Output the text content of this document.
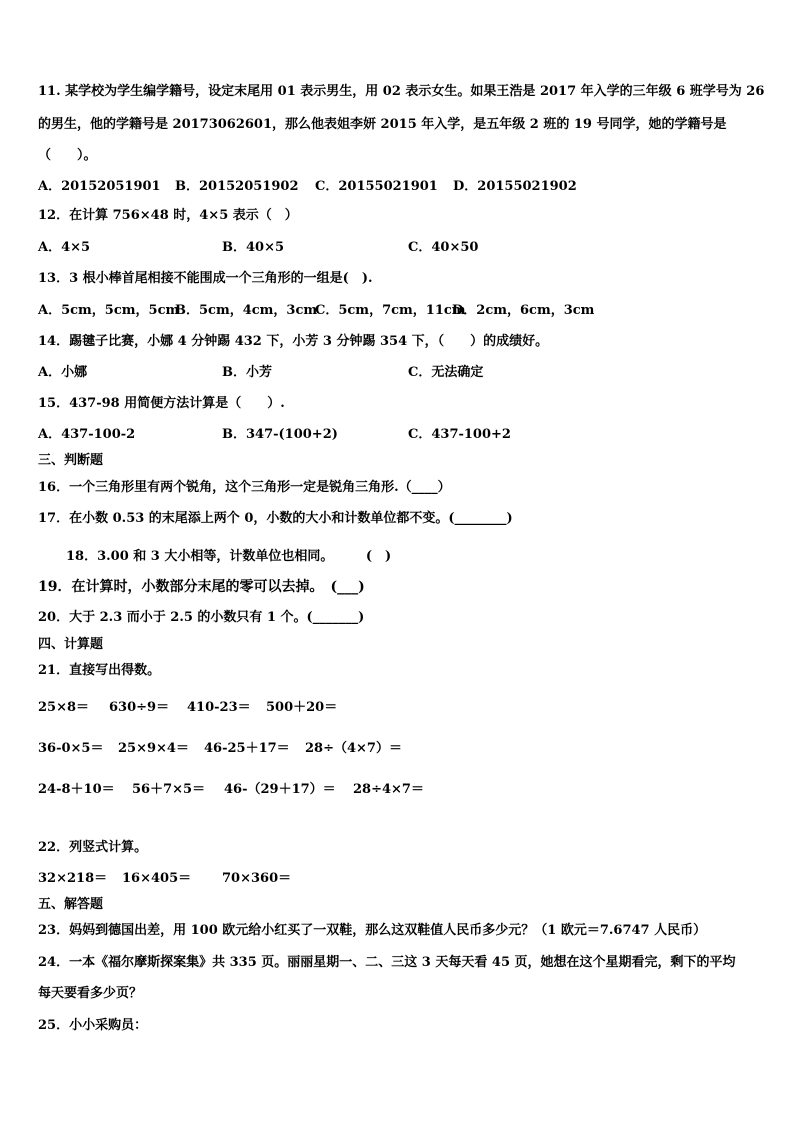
11. 某学校为学生编学籍号，设定末尾用 01 表示男生，用 02 表示女生。如果王浩是 2017 年入学的三年级 6 班学号为 26
的男生，他的学籍号是 20173062601，那么他表姐李妍 2015 年入学，是五年级 2 班的 19 号同学，她的学籍号是
（　　）。
A．20152051901 B．20152051902 C．20155021901 D．20155021902
12．在计算 756×48 时，4×5 表示（　）
A．4×5	B．40×5	C．40×50
13．3 根小棒首尾相接不能围成一个三角形的一组是(　).
A．5cm，5cm，5cmB．5cm，4cm，3cmC．5cm，7cm，11cmD．2cm，6cm，3cm
14．踢毽子比赛，小娜 4 分钟踢 432 下，小芳 3 分钟踢 354 下，（　　）的成绩好。
A．小娜	B．小芳	C．无法确定
15．437-98 用简便方法计算是（　　）.
A．437-100-2	B．347-(100+2)	C．437-100+2
三、判断题
16．一个三角形里有两个锐角，这个三角形一定是锐角三角形.（____）
17．在小数 0.53 的末尾添上两个 0，小数的大小和计数单位都不变。(________)
18．3.00 和 3 大小相等，计数单位也相同。　　　(　)
19．在计算时，小数部分末尾的零可以去掉。　(___)
20．大于 2.3 而小于 2.5 的小数只有 1 个。(_______)
四、计算题
21．直接写出得数。
25×8＝ 630÷9＝ 410-23＝ 500＋20＝
36-0×5＝ 25×9×4＝ 46-25＋17＝ 28÷（4×7）＝
24-8＋10＝ 56＋7×5＝ 46-（29＋17）＝ 28÷4×7＝
22．列竖式计算。
32×218＝ 16×405＝ 70×360＝
五、解答题
23．妈妈到德国出差，用 100 欧元给小红买了一双鞋，那么这双鞋值人民币多少元？（1 欧元＝7.6747 人民币）
24．一本《福尔摩斯探案集》共 335 页。丽丽星期一、二、三这 3 天每天看 45 页，她想在这个星期看完，剩下的平均
每天要看多少页？
25．小小采购员：
